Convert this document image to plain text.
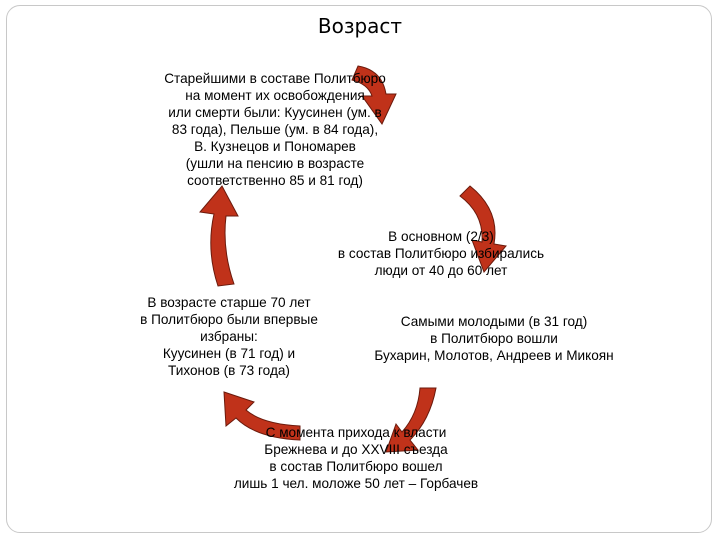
Возраст
Старейшими в составе Политбюро
на момент их освобождения
или смерти были: Куусинен (ум. в
83 года), Пельше (ум. в 84 года),
В. Кузнецов и Пономарев
(ушли на пенсию в возрасте
соответственно 85 и 81 год)
В основном (2/3)
в состав Политбюро избирались
люди от 40 до 60 лет
В возрасте старше 70 лет
в Политбюро были впервые
избраны:
Куусинен (в 71 год) и
Тихонов (в 73 года)
Самыми молодыми (в 31 год)
в Политбюро вошли
Бухарин, Молотов, Андреев и Микоян
С момента прихода к власти
Брежнева и до XXVIII съезда
в состав Политбюро вошел
лишь 1 чел. моложе 50 лет – Горбачев
